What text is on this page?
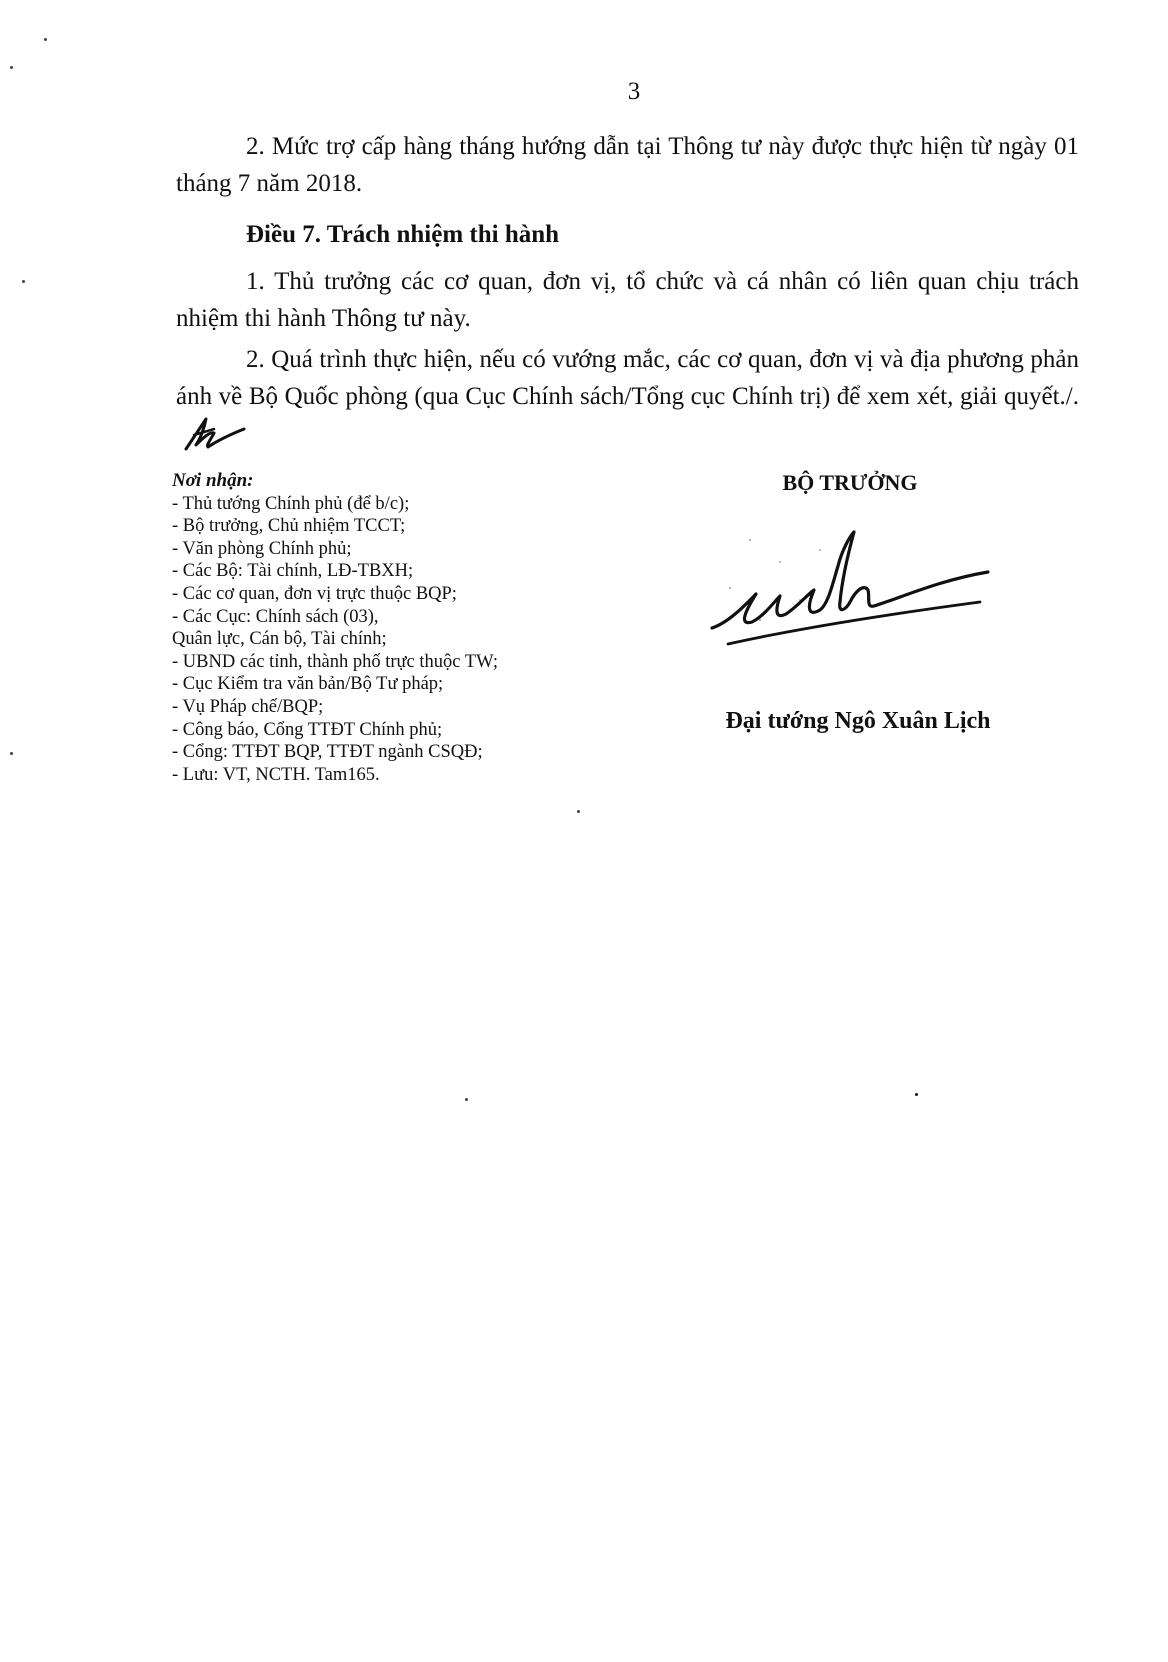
3

2. Mức trợ cấp hàng tháng hướng dẫn tại Thông tư này được thực hiện từ ngày 01 tháng 7 năm 2018.

Điều 7. Trách nhiệm thi hành

1. Thủ trưởng các cơ quan, đơn vị, tổ chức và cá nhân có liên quan chịu trách nhiệm thi hành Thông tư này.

2. Quá trình thực hiện, nếu có vướng mắc, các cơ quan, đơn vị và địa phương phản ánh về Bộ Quốc phòng (qua Cục Chính sách/Tổng cục Chính trị) để xem xét, giải quyết./.

Nơi nhận:
- Thủ tướng Chính phủ (để b/c);
- Bộ trưởng, Chủ nhiệm TCCT;
- Văn phòng Chính phủ;
- Các Bộ: Tài chính, LĐ-TBXH;
- Các cơ quan, đơn vị trực thuộc BQP;
- Các Cục: Chính sách (03),
Quân lực, Cán bộ, Tài chính;
- UBND các tỉnh, thành phố trực thuộc TW;
- Cục Kiểm tra văn bản/Bộ Tư pháp;
- Vụ Pháp chế/BQP;
- Công báo, Cổng TTĐT Chính phủ;
- Cổng: TTĐT BQP, TTĐT ngành CSQĐ;
- Lưu: VT, NCTH. Tam165.
BỘ TRƯỞNG
Đại tướng Ngô Xuân Lịch
